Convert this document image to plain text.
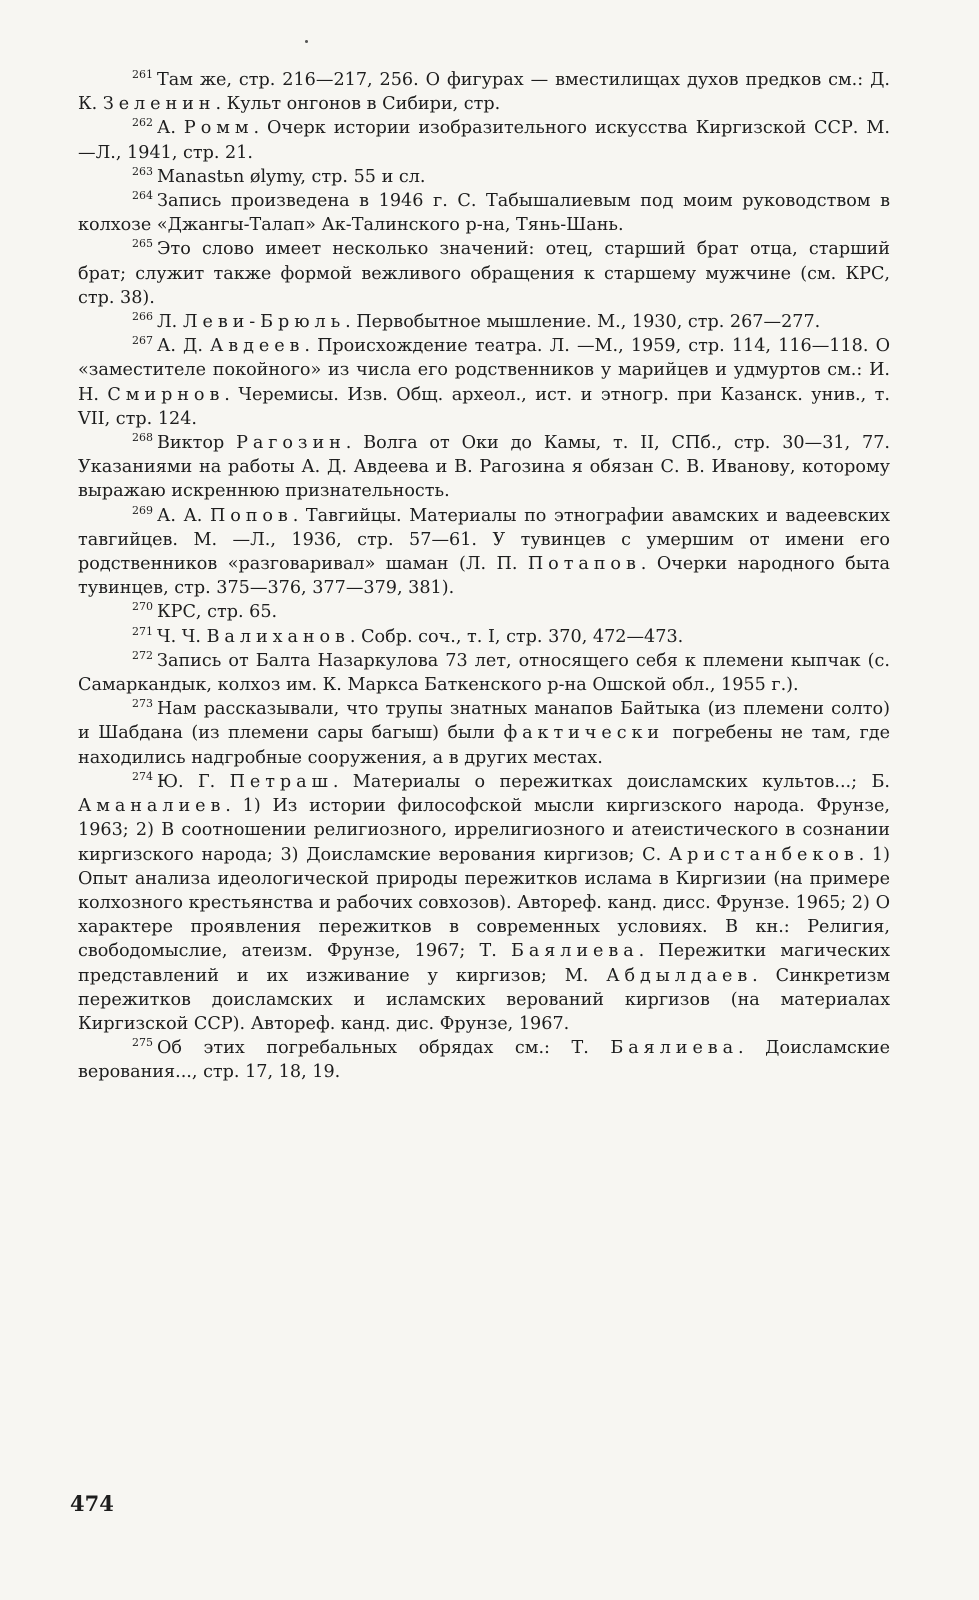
$^{261}$ Там же, стр. 216—217, 256. О фигурах — вместилищах духов предков см.: Д. К. Зеленин. Культ онгонов в Сибири, стр.

$^{262}$ А. Ромм. Очерк истории изобразительного искусства Киргизской ССР. М. —Л., 1941, стр. 21.

$^{263}$ Manastьn ølymy, стр. 55 и сл.

$^{264}$ Запись произведена в 1946 г. С. Табышалиевым под моим руководством в колхозе «Джангы-Талап» Ак-Талинского р-на, Тянь-Шань.

$^{265}$ Это слово имеет несколько значений: отец, старший брат отца, старший брат; служит также формой вежливого обращения к старшему мужчине (см. КРС, стр. 38).

$^{266}$ Л. Леви-Брюль. Первобытное мышление. М., 1930, стр. 267—277.

$^{267}$ А. Д. Авдеев. Происхождение театра. Л. —М., 1959, стр. 114, 116—118. О «заместителе покойного» из числа его родственников у марийцев и удмуртов см.: И. Н. Смирнов. Черемисы. Изв. Общ. археол., ист. и этногр. при Казанск. унив., т. VII, стр. 124.

$^{268}$ Виктор Рагозин. Волга от Оки до Камы, т. II, СПб., стр. 30—31, 77. Указаниями на работы А. Д. Авдеева и В. Рагозина я обязан С. В. Иванову, которому выражаю искреннюю признательность.

$^{269}$ А. А. Попов. Тавгийцы. Материалы по этнографии авамских и вадеевских тавгийцев. М. —Л., 1936, стр. 57—61. У тувинцев с умершим от имени его родственников «разговаривал» шаман (Л. П. Потапов. Очерки народного быта тувинцев, стр. 375—376, 377—379, 381).

$^{270}$ КРС, стр. 65.

$^{271}$ Ч. Ч. Валиханов. Собр. соч., т. I, стр. 370, 472—473.

$^{272}$ Запись от Балта Назаркулова 73 лет, относящего себя к племени кыпчак (с. Самаркандык, колхоз им. К. Маркса Баткенского р-на Ошской обл., 1955 г.).

$^{273}$ Нам рассказывали, что трупы знатных манапов Байтыка (из племени солто) и Шабдана (из племени сары багыш) были фактически погребены не там, где находились надгробные сооружения, а в других местах.

$^{274}$ Ю. Г. Петраш. Материалы о пережитках доисламских культов...; Б. Аманалиев. 1) Из истории философской мысли киргизского народа. Фрунзе, 1963; 2) В соотношении религиозного, иррелигиозного и атеистического в сознании киргизского народа; 3) Доисламские верования киргизов; С. Аристанбеков. 1) Опыт анализа идеологической природы пережитков ислама в Киргизии (на примере колхозного крестьянства и рабочих совхозов). Автореф. канд. дисс. Фрунзе. 1965; 2) О характере проявления пережитков в современных условиях. В кн.: Религия, свободомыслие, атеизм. Фрунзе, 1967; Т. Баялиева. Пережитки магических представлений и их изживание у киргизов; М. Абдылдаев. Синкретизм пережитков доисламских и исламских верований киргизов (на материалах Киргизской ССР). Автореф. канд. дис. Фрунзе, 1967.

$^{275}$ Об этих погребальных обрядах см.: Т. Баялиева. Доисламские верования..., стр. 17, 18, 19.

474
